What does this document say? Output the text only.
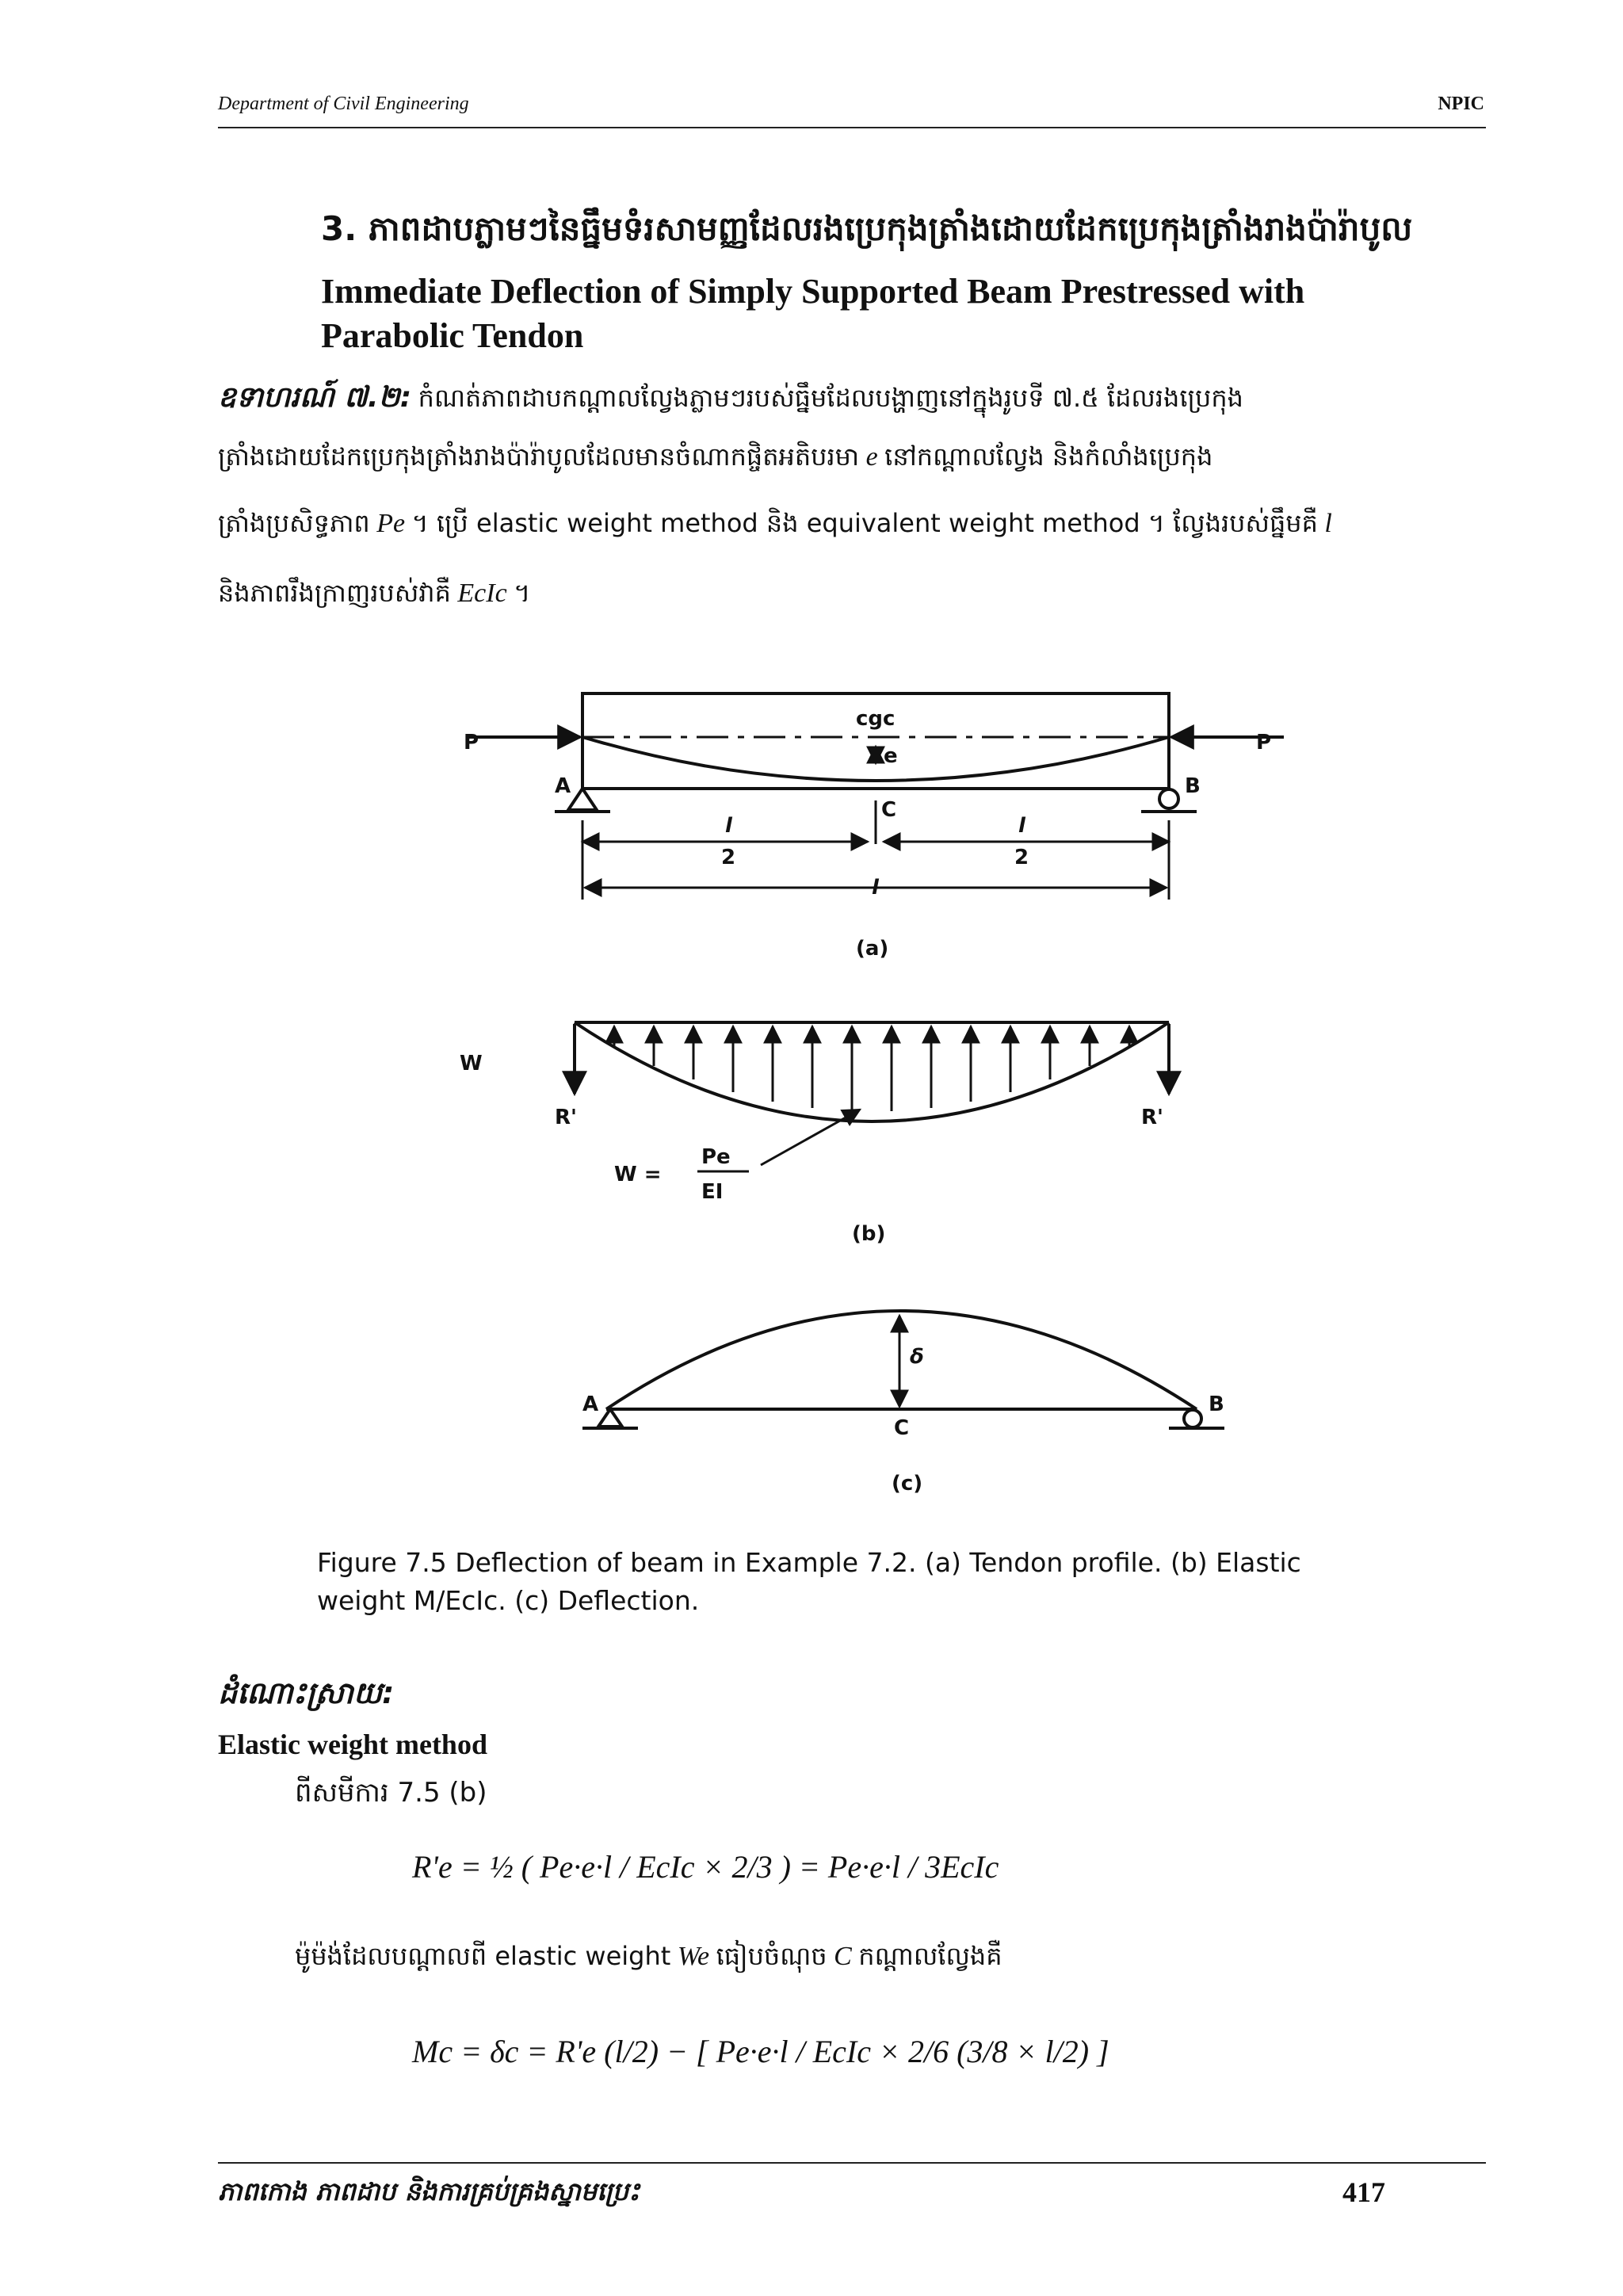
Department of Civil Engineering	NPIC
3. ភាពដាបភ្លាមៗនៃធ្នឹមទំរសាមញ្ញដែលរងប្រេកុងត្រាំងដោយដែកប្រេកុងត្រាំងរាងប៉ារ៉ាបូល
Immediate Deflection of Simply Supported Beam Prestressed with
Parabolic Tendon
ឧទាហរណ៍ ៧.២: កំណត់ភាពដាបកណ្តាលល្វែងភ្លាមៗរបស់ធ្នឹមដែលបង្ហាញនៅក្នុងរូបទី ៧.៥ ដែលរងប្រេកុង
ត្រាំងដោយដែកប្រេកុងត្រាំងរាងប៉ារ៉ាបូលដែលមានចំណាកផ្ចិតអតិបរមា e នៅកណ្តាលល្វែង និងកំលាំងប្រេកុង
ត្រាំងប្រសិទ្ធភាព Pe ។ ប្រើ elastic weight method និង equivalent weight method ។ ល្វែងរបស់ធ្នឹមគឺ l
និងភាពរឹងក្រាញរបស់វាគឺ EcIc ។
P	P
cgc
e
A	B
C
l
2
l
2
l
(a)
W
R'	R'
W =
Pe
EI
(b)
δ
A	B
C
(c)
Figure 7.5 Deflection of beam in Example 7.2. (a) Tendon profile. (b) Elastic
weight M/EcIc. (c) Deflection.
ដំណោះស្រាយ:
Elastic weight method
ពីសមីការ 7.5 (b)
R'e = ½ ( Pe·e·l / EcIc × 2/3 ) = Pe·e·l / 3EcIc
ម៉ូម៉ង់ដែលបណ្តាលពី elastic weight We ធៀបចំណុច C កណ្តាលល្វែងគឺ
Mc = δc = R'e (l/2) − [ Pe·e·l / EcIc × 2/6 (3/8 × l/2) ]
ភាពកោង ភាពដាប និងការគ្រប់គ្រងស្នាមប្រេះ	417
